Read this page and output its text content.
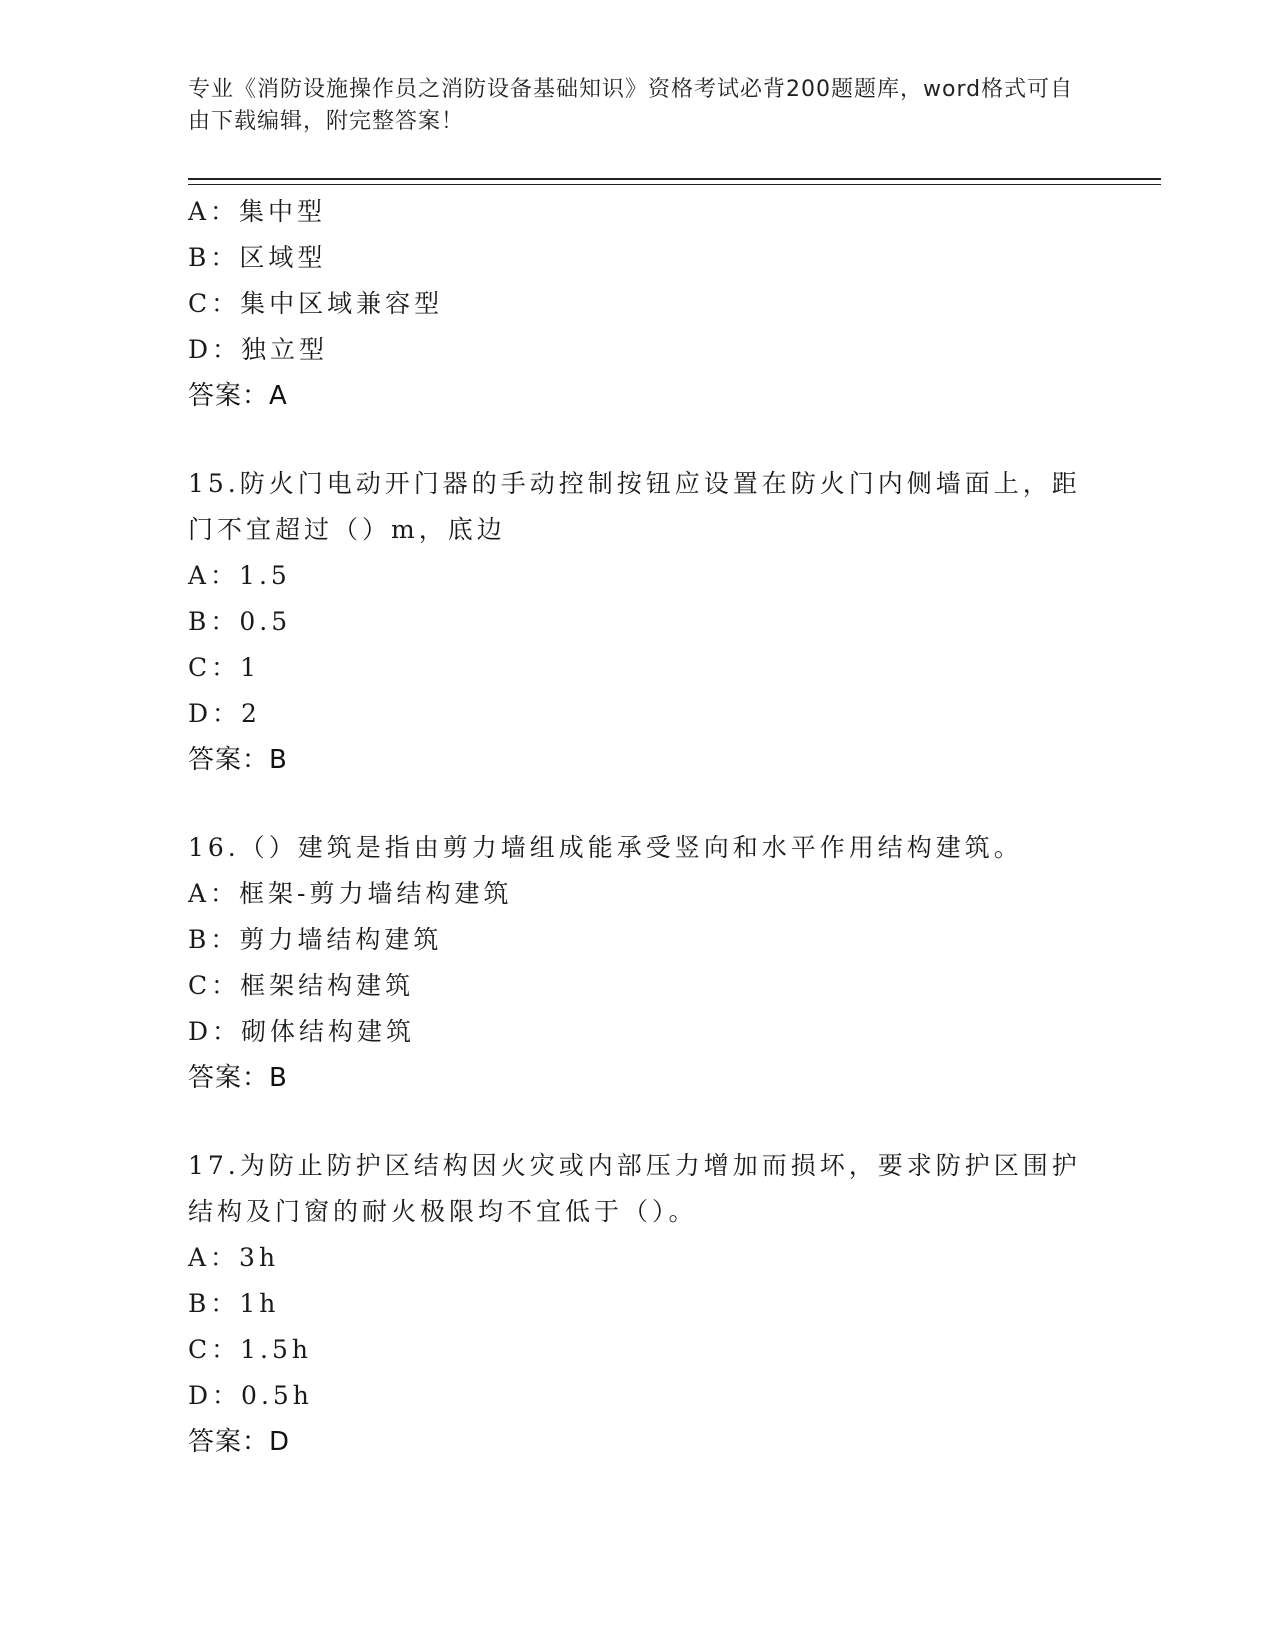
专业《消防设施操作员之消防设备基础知识》资格考试必背200题题库，word格式可自由下载编辑，附完整答案！
A：集中型
B：区域型
C：集中区域兼容型
D：独立型
答案：A
15.防火门电动开门器的手动控制按钮应设置在防火门内侧墙面上，距
门不宜超过（）m，底边
A：1.5
B：0.5
C：1
D：2
答案：B
16.（）建筑是指由剪力墙组成能承受竖向和水平作用结构建筑。
A：框架-剪力墙结构建筑
B：剪力墙结构建筑
C：框架结构建筑
D：砌体结构建筑
答案：B
17.为防止防护区结构因火灾或内部压力增加而损坏，要求防护区围护
结构及门窗的耐火极限均不宜低于（）。
A：3h
B：1h
C：1.5h
D：0.5h
答案：D
